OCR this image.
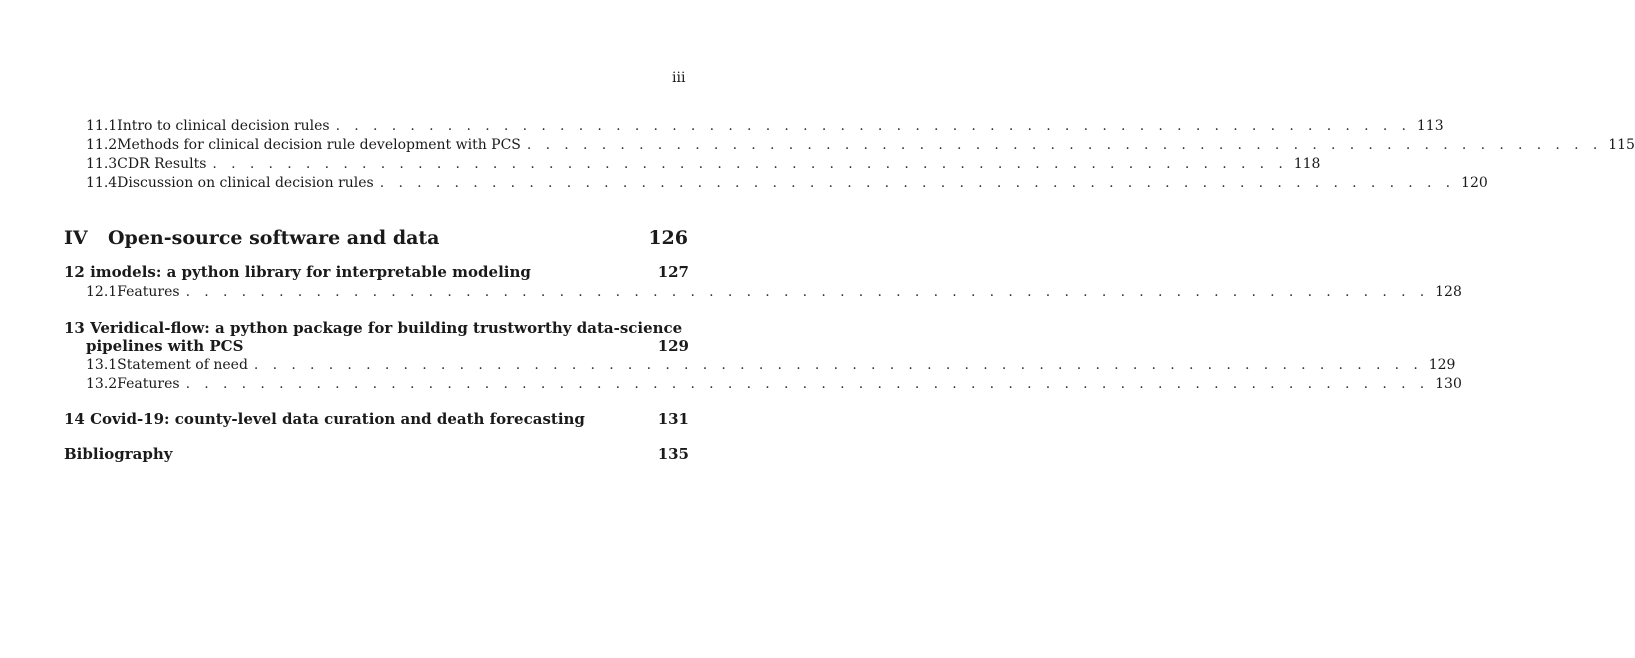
iii
11.1 Intro to clinical decision rules . . . . . . . . . . . . . . . . . . . . . . . . . . . . . . . . . . . . . . . . . . . . . . . . . . . . . . . . . . 113
11.2 Methods for clinical decision rule development with PCS . . . . . . . . . . . . . . . . . . . . . . . . . . . . . . . . . . . . . . . . . . . . . . . . . . . . . . . . . . 115
11.3 CDR Results . . . . . . . . . . . . . . . . . . . . . . . . . . . . . . . . . . . . . . . . . . . . . . . . . . . . . . . . . . 118
11.4 Discussion on clinical decision rules . . . . . . . . . . . . . . . . . . . . . . . . . . . . . . . . . . . . . . . . . . . . . . . . . . . . . . . . . . 120
IV	Open-source software and data	126
12 imodels: a python library for interpretable modeling	127
12.1 Features . . . . . . . . . . . . . . . . . . . . . . . . . . . . . . . . . . . . . . . . . . . . . . . . . . . . . . . . . . . . . . . . . . . 128
13 Veridical-flow: a python package for building trustworthy data-science
pipelines with PCS	129
13.1 Statement of need . . . . . . . . . . . . . . . . . . . . . . . . . . . . . . . . . . . . . . . . . . . . . . . . . . . . . . . . . . . . . . . 129
13.2 Features . . . . . . . . . . . . . . . . . . . . . . . . . . . . . . . . . . . . . . . . . . . . . . . . . . . . . . . . . . . . . . . . . . . 130
14 Covid-19: county-level data curation and death forecasting	131
Bibliography	135
